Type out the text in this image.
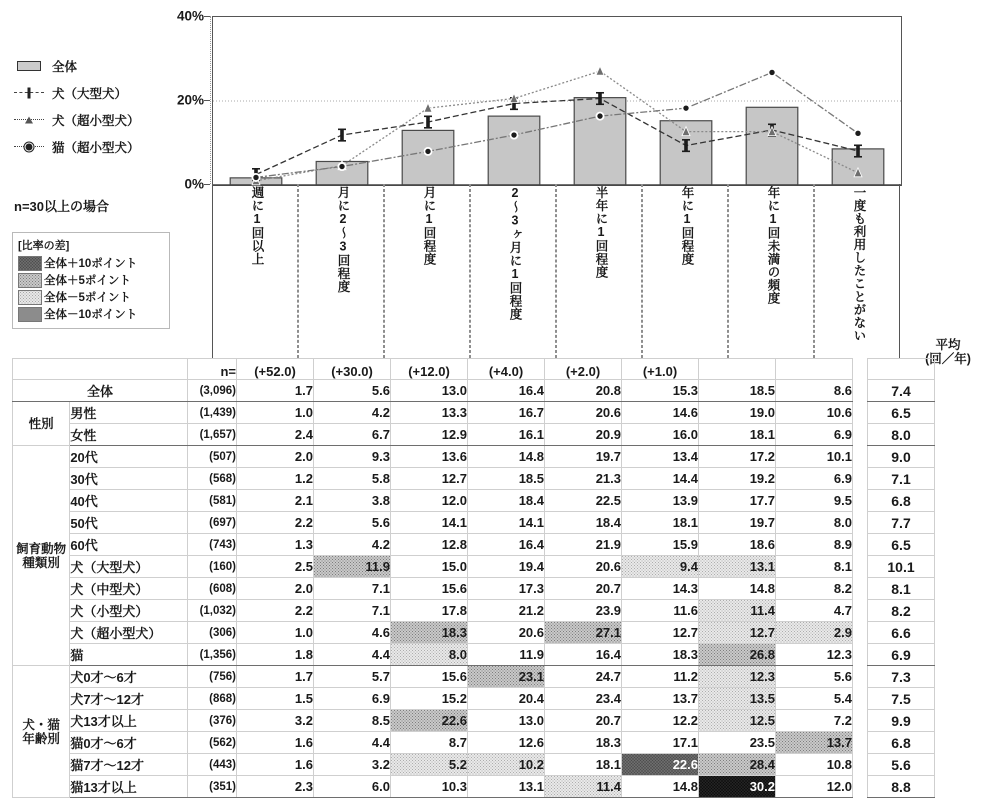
全体
犬（大型犬）
犬（超小型犬）
猫（超小型犬）
n=30以上の場合
[比率の差]
全体＋10ポイント
全体＋5ポイント
全体－5ポイント
全体－10ポイント
0%
20%
40%
週に1回以上	月に2〜3回程度	月に1回程度	2〜3ヶ月に1回程度	半年に1回程度	年に1回程度	年に1回未満の頻度	一度も利用したことがない
平均
(回／年)
		n=	(+52.0)	(+30.0)	(+12.0)	(+4.0)	(+2.0)	(+1.0)				
全体		(3,096)	1.7	5.6	13.0	16.4	20.8	15.3	18.5	8.6		7.4
性別	男性	(1,439)	1.0	4.2	13.3	16.7	20.6	14.6	19.0	10.6		6.5
	女性	(1,657)	2.4	6.7	12.9	16.1	20.9	16.0	18.1	6.9		8.0
飼育動物
種類別	20代	(507)	2.0	9.3	13.6	14.8	19.7	13.4	17.2	10.1		9.0
	30代	(568)	1.2	5.8	12.7	18.5	21.3	14.4	19.2	6.9		7.1
	40代	(581)	2.1	3.8	12.0	18.4	22.5	13.9	17.7	9.5		6.8
	50代	(697)	2.2	5.6	14.1	14.1	18.4	18.1	19.7	8.0		7.7
	60代	(743)	1.3	4.2	12.8	16.4	21.9	15.9	18.6	8.9		6.5
	犬（大型犬）	(160)	2.5	11.9	15.0	19.4	20.6	9.4	13.1	8.1		10.1
	犬（中型犬）	(608)	2.0	7.1	15.6	17.3	20.7	14.3	14.8	8.2		8.1
	犬（小型犬）	(1,032)	2.2	7.1	17.8	21.2	23.9	11.6	11.4	4.7		8.2
	犬（超小型犬）	(306)	1.0	4.6	18.3	20.6	27.1	12.7	12.7	2.9		6.6
	猫	(1,356)	1.8	4.4	8.0	11.9	16.4	18.3	26.8	12.3		6.9
犬・猫
年齢別	犬0才〜6才	(756)	1.7	5.7	15.6	23.1	24.7	11.2	12.3	5.6		7.3
	犬7才〜12才	(868)	1.5	6.9	15.2	20.4	23.4	13.7	13.5	5.4		7.5
	犬13才以上	(376)	3.2	8.5	22.6	13.0	20.7	12.2	12.5	7.2		9.9
	猫0才〜6才	(562)	1.6	4.4	8.7	12.6	18.3	17.1	23.5	13.7		6.8
	猫7才〜12才	(443)	1.6	3.2	5.2	10.2	18.1	22.6	28.4	10.8		5.6
	猫13才以上	(351)	2.3	6.0	10.3	13.1	11.4	14.8	30.2	12.0		8.8
